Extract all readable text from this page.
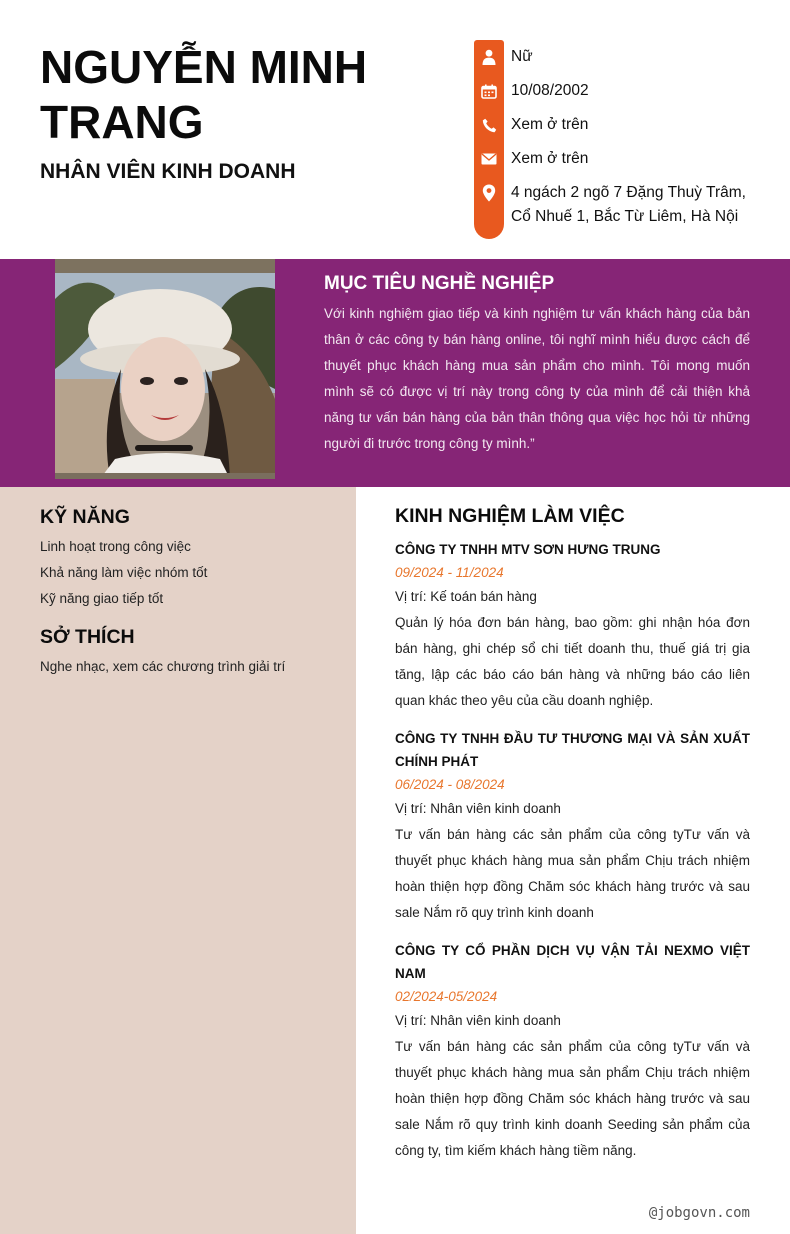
NGUYỄN MINH TRANG
NHÂN VIÊN KINH DOANH
Nữ
10/08/2002
Xem ở trên
Xem ở trên
4 ngách 2 ngõ 7 Đặng Thuỳ Trâm, Cổ Nhuế 1, Bắc Từ Liêm, Hà Nội
MỤC TIÊU NGHỀ NGHIỆP
Với kinh nghiệm giao tiếp và kinh nghiệm tư vấn khách hàng của bản thân ở các công ty bán hàng online, tôi nghĩ mình hiểu được cách để thuyết phục khách hàng mua sản phẩm cho mình. Tôi mong muốn mình sẽ có được vị trí này trong công ty của mình để cải thiện khả năng tư vấn bán hàng của bản thân thông qua việc học hỏi từ những người đi trước trong công ty mình.”
KỸ NĂNG
Linh hoạt trong công việc
Khả năng làm việc nhóm tốt
Kỹ năng giao tiếp tốt
SỞ THÍCH
Nghe nhạc, xem các chương trình giải trí
KINH NGHIỆM LÀM VIỆC
CÔNG TY TNHH MTV SƠN HƯNG TRUNG
09/2024 - 11/2024
Vị trí: Kế toán bán hàng
Quản lý hóa đơn bán hàng, bao gồm: ghi nhận hóa đơn bán hàng, ghi chép sổ chi tiết doanh thu, thuế giá trị gia tăng, lập các báo cáo bán hàng và những báo cáo liên quan khác theo yêu của cầu doanh nghiệp.
CÔNG TY TNHH ĐẦU TƯ THƯƠNG MẠI VÀ SẢN XUẤT CHÍNH PHÁT
06/2024 - 08/2024
Vị trí: Nhân viên kinh doanh
Tư vấn bán hàng các sản phẩm của công tyTư vấn và thuyết phục khách hàng mua sản phẩm Chịu trách nhiệm hoàn thiện hợp đồng Chăm sóc khách hàng trước và sau sale Nắm rõ quy trình kinh doanh
CÔNG TY CỔ PHẦN DỊCH VỤ VẬN TẢI NEXMO VIỆT NAM
02/2024-05/2024
Vị trí: Nhân viên kinh doanh
Tư vấn bán hàng các sản phẩm của công tyTư vấn và thuyết phục khách hàng mua sản phẩm Chịu trách nhiệm hoàn thiện hợp đồng Chăm sóc khách hàng trước và sau sale Nắm rõ quy trình kinh doanh Seeding sản phẩm của công ty, tìm kiếm khách hàng tiềm năng.
@jobgovn.com
